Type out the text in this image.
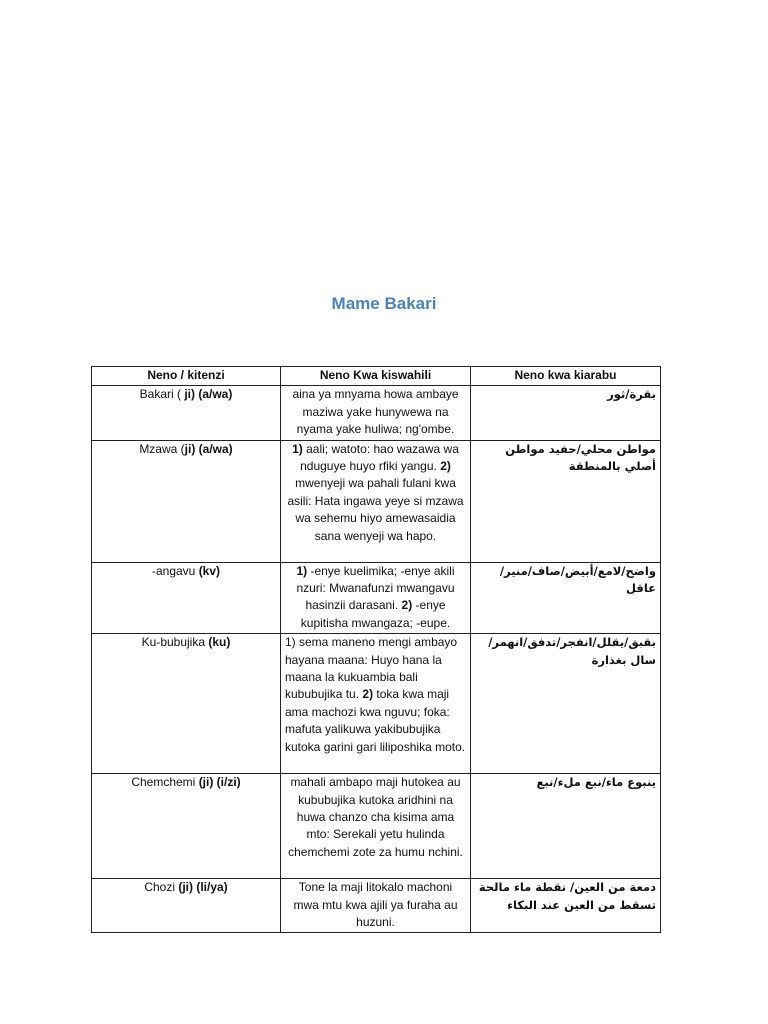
Mame Bakari
Neno / kitenzi	Neno Kwa kiswahili	Neno kwa kiarabu
Bakari ( ji) (a/wa)	aina ya mnyama howa ambaye maziwa yake hunywewa na nyama yake huliwa; ng'ombe.	بقرة/ثور
Mzawa (ji) (a/wa)	1) aali; watoto: hao wazawa wa nduguye huyo rfiki yangu. 2) mwenyeji wa pahali fulani kwa asili: Hata ingawa yeye si mzawa wa sehemu hiyo amewasaidia sana wenyeji wa hapo.	مواطن محلي/حفيد مواطن أصلي بالمنطقة
-angavu (kv)	1) -enye kuelimika; -enye akili nzuri: Mwanafunzi mwangavu hasinzii darasani. 2) -enye kupitisha mwangaza; -eupe.	واضح/لامع/أبيض/صاف/منير/عاقل
Ku-bubujika (ku)	1) sema maneno mengi ambayo hayana maana: Huyo hana la maana la kukuambia bali kububujika tu. 2) toka kwa maji ama machozi kwa nguvu; foka: mafuta yalikuwa yakibubujika kutoka garini gari liliposhika moto.	بقبق/يقلل/انفجر/تدفق/انهمر/سال بغذارة
Chemchemi (ji) (i/zi)	mahali ambapo maji hutokea au kububujika kutoka aridhini na huwa chanzo cha kisima ama mto: Serekali yetu hulinda chemchemi zote za humu nchini.	ينبوع ماء/نبع ملء/نبع
Chozi (ji) (li/ya)	Tone la maji litokalo machoni mwa mtu kwa ajili ya furaha au huzuni.	دمعة من العين/ نقطة ماء مالحة تسقط من العين عند البكاء
